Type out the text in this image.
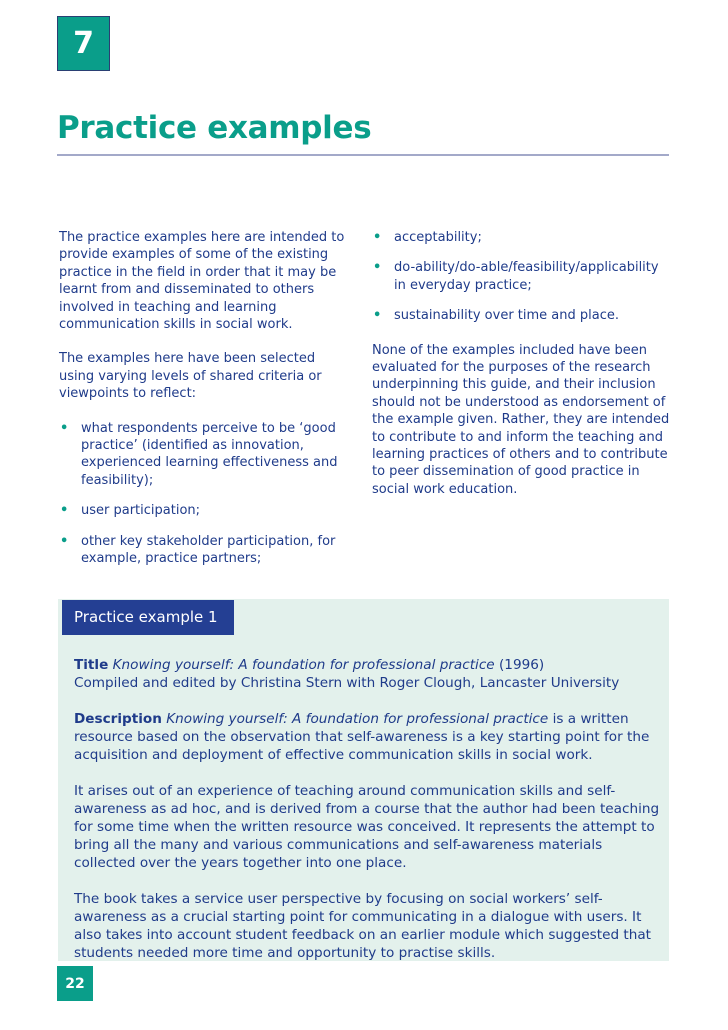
7
Practice examples

The practice examples here are intended to provide examples of some of the existing practice in the field in order that it may be learnt from and disseminated to others involved in teaching and learning communication skills in social work.

The examples here have been selected using varying levels of shared criteria or viewpoints to reflect:

• what respondents perceive to be ‘good practice’ (identified as innovation, experienced learning effectiveness and feasibility);
• user participation;
• other key stakeholder participation, for example, practice partners;
• acceptability;
• do-ability/do-able/feasibility/applicability in everyday practice;
• sustainability over time and place.

None of the examples included have been evaluated for the purposes of the research underpinning this guide, and their inclusion should not be understood as endorsement of the example given. Rather, they are intended to contribute to and inform the teaching and learning practices of others and to contribute to peer dissemination of good practice in social work education.

Practice example 1

Title Knowing yourself: A foundation for professional practice (1996)
Compiled and edited by Christina Stern with Roger Clough, Lancaster University

Description Knowing yourself: A foundation for professional practice is a written resource based on the observation that self-awareness is a key starting point for the acquisition and deployment of effective communication skills in social work.

It arises out of an experience of teaching around communication skills and self-awareness as ad hoc, and is derived from a course that the author had been teaching for some time when the written resource was conceived. It represents the attempt to bring all the many and various communications and self-awareness materials collected over the years together into one place.

The book takes a service user perspective by focusing on social workers’ self-awareness as a crucial starting point for communicating in a dialogue with users. It also takes into account student feedback on an earlier module which suggested that students needed more time and opportunity to practise skills.

22
